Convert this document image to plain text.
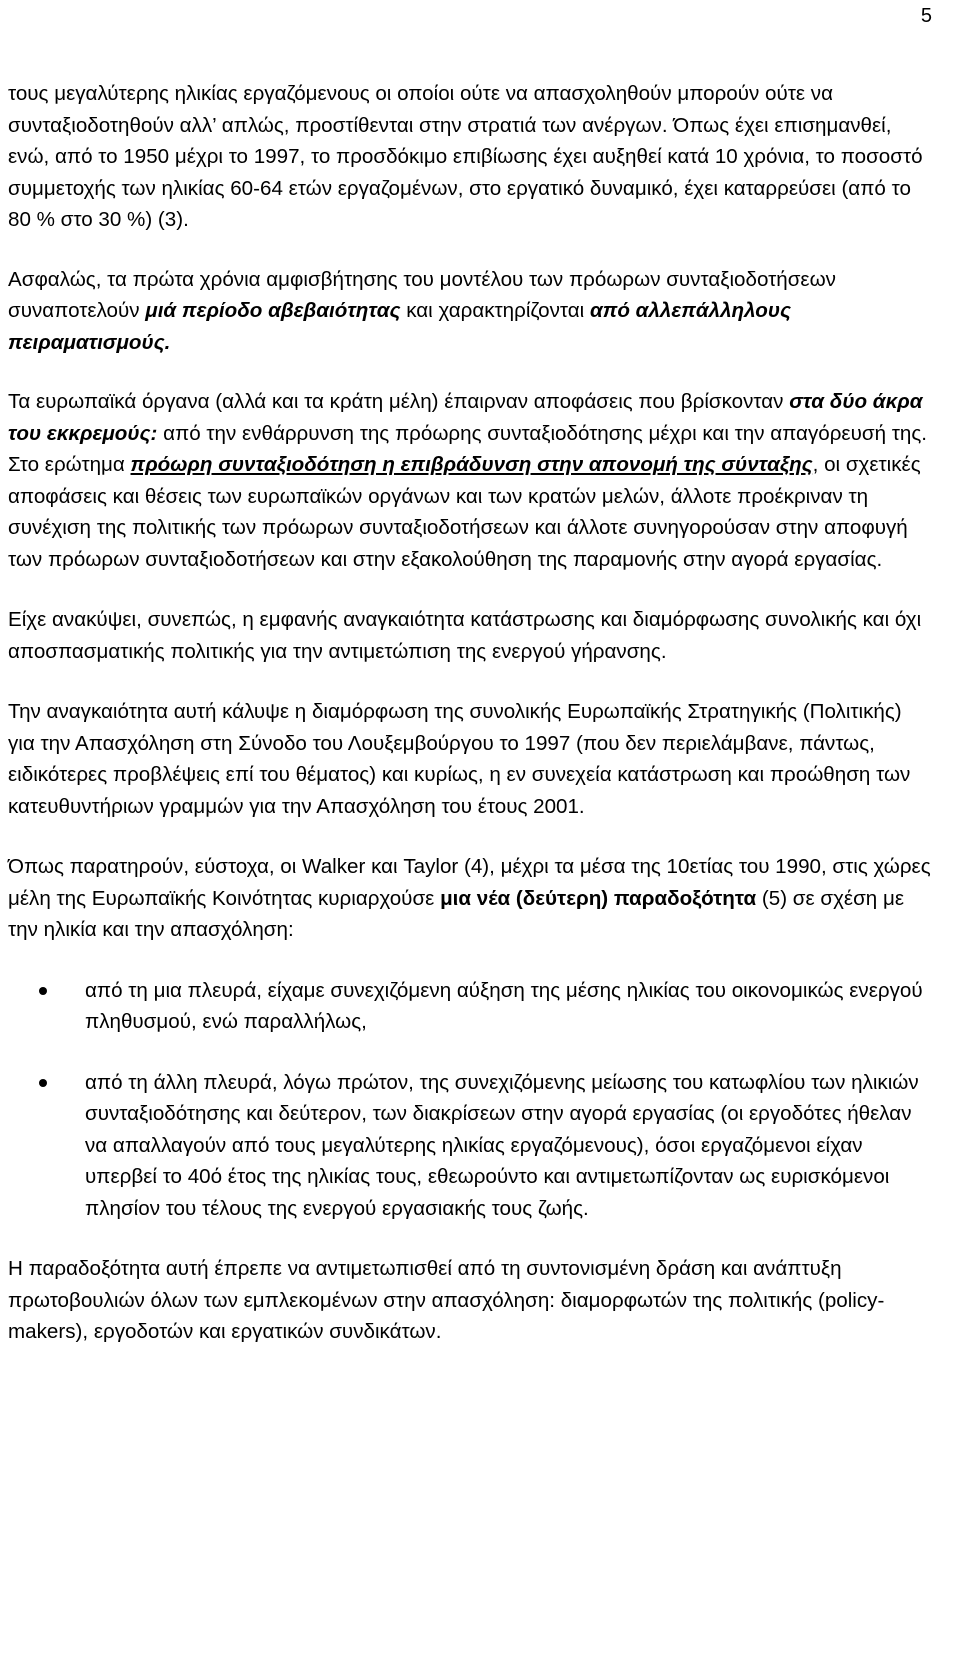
5

τους μεγαλύτερης ηλικίας εργαζόμενους οι οποίοι ούτε να απασχοληθούν μπορούν ούτε να συνταξιοδοτηθούν αλλ’ απλώς, προστίθενται στην στρατιά των ανέργων. Όπως έχει επισημανθεί, ενώ, από το 1950 μέχρι το 1997, το προσδόκιμο επιβίωσης έχει αυξηθεί κατά 10 χρόνια, το ποσοστό συμμετοχής των ηλικίας 60-64 ετών εργαζομένων, στο εργατικό δυναμικό, έχει καταρρεύσει (από το 80 % στο 30 %) (3).

Ασφαλώς, τα πρώτα χρόνια αμφισβήτησης του μοντέλου των πρόωρων συνταξιοδοτήσεων συναποτελούν μιά περίοδο αβεβαιότητας και χαρακτηρίζονται από αλλεπάλληλους πειραματισμούς.

Τα ευρωπαϊκά όργανα (αλλά και τα κράτη μέλη) έπαιρναν αποφάσεις που βρίσκονταν στα δύο άκρα του εκκρεμούς: από την ενθάρρυνση της πρόωρης συνταξιοδότησης μέχρι και την απαγόρευσή της. Στο ερώτημα πρόωρη συνταξιοδότηση η επιβράδυνση στην απονομή της σύνταξης, οι σχετικές αποφάσεις και θέσεις των ευρωπαϊκών οργάνων και των κρατών μελών, άλλοτε προέκριναν τη συνέχιση της πολιτικής των πρόωρων συνταξιοδοτήσεων και άλλοτε συνηγορούσαν στην αποφυγή των πρόωρων συνταξιοδοτήσεων και στην εξακολούθηση της παραμονής στην αγορά εργασίας.

Είχε ανακύψει, συνεπώς, η εμφανής αναγκαιότητα κατάστρωσης και διαμόρφωσης συνολικής και όχι αποσπασματικής πολιτικής για την αντιμετώπιση της ενεργού γήρανσης.

Την αναγκαιότητα αυτή κάλυψε η διαμόρφωση της συνολικής Ευρωπαϊκής Στρατηγικής (Πολιτικής) για την Απασχόληση στη Σύνοδο του Λουξεμβούργου το 1997 (που δεν περιελάμβανε, πάντως, ειδικότερες προβλέψεις επί του θέματος) και κυρίως, η εν συνεχεία κατάστρωση και προώθηση των κατευθυντήριων γραμμών για την Απασχόληση του έτους 2001.

Όπως παρατηρούν, εύστοχα, οι Walker και Taylor (4), μέχρι τα μέσα της 10ετίας του 1990, στις χώρες μέλη της Ευρωπαϊκής Κοινότητας κυριαρχούσε μια νέα (δεύτερη) παραδοξότητα (5) σε σχέση με την ηλικία και την απασχόληση:

από τη μια πλευρά, είχαμε συνεχιζόμενη αύξηση της μέσης ηλικίας του οικονομικώς ενεργού πληθυσμού, ενώ παραλλήλως,
από τη άλλη πλευρά, λόγω πρώτον, της συνεχιζόμενης μείωσης του κατωφλίου των ηλικιών συνταξιοδότησης και δεύτερον, των διακρίσεων στην αγορά εργασίας (οι εργοδότες ήθελαν να απαλλαγούν από τους μεγαλύτερης ηλικίας εργαζόμενους), όσοι εργαζόμενοι είχαν υπερβεί το 40ό έτος της ηλικίας τους, εθεωρούντο και αντιμετωπίζονταν ως ευρισκόμενοι πλησίον του τέλους της ενεργού εργασιακής τους ζωής.

Η παραδοξότητα αυτή έπρεπε να αντιμετωπισθεί από τη συντονισμένη δράση και ανάπτυξη πρωτοβουλιών όλων των εμπλεκομένων στην απασχόληση: διαμορφωτών της πολιτικής (policy-makers), εργοδοτών και εργατικών συνδικάτων.
